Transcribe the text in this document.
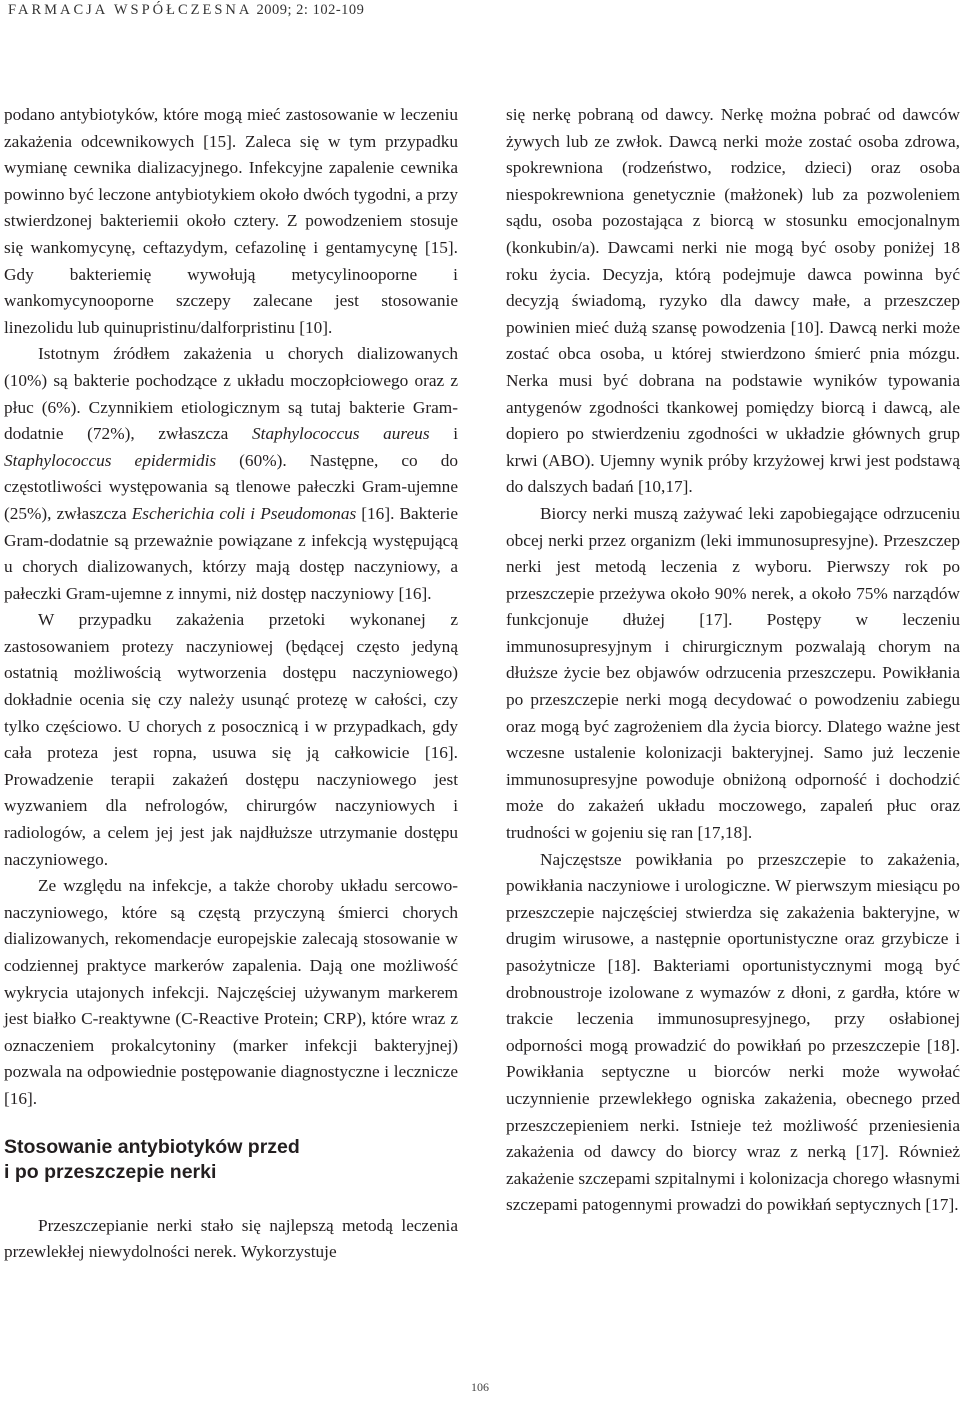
FARMACJA WSPÓŁCZESNA 2009; 2: 102-109

podano antybiotyków, które mogą mieć zastosowanie w leczeniu zakażenia odcewnikowych [15]. Zaleca się w tym przypadku wymianę cewnika dializacyjnego. Infekcyjne zapalenie cewnika powinno być leczone antybiotykiem około dwóch tygodni, a przy stwierdzonej bakteriemii około cztery. Z powodzeniem stosuje się wankomycynę, ceftazydym, cefazolinę i gentamycynę [15]. Gdy bakteriemię wywołują metycylinooporne i wankomycynooporne szczepy zalecane jest stosowanie linezolidu lub quinupristinu/dalforpristinu [10].

Istotnym źródłem zakażenia u chorych dializowanych (10%) są bakterie pochodzące z układu moczopłciowego oraz z płuc (6%). Czynnikiem etiologicznym są tutaj bakterie Gram-dodatnie (72%), zwłaszcza Staphylococcus aureus i Staphylococcus epidermidis (60%). Następne, co do częstotliwości występowania są tlenowe pałeczki Gram-ujemne (25%), zwłaszcza Escherichia coli i Pseudomonas [16]. Bakterie Gram-dodatnie są przeważnie powiązane z infekcją występującą u chorych dializowanych, którzy mają dostęp naczyniowy, a pałeczki Gram-ujemne z innymi, niż dostęp naczyniowy [16].

W przypadku zakażenia przetoki wykonanej z zastosowaniem protezy naczyniowej (będącej często jedyną ostatnią możliwością wytworzenia dostępu naczyniowego) dokładnie ocenia się czy należy usunąć protezę w całości, czy tylko częściowo. U chorych z posocznicą i w przypadkach, gdy cała proteza jest ropna, usuwa się ją całkowicie [16]. Prowadzenie terapii zakażeń dostępu naczyniowego jest wyzwaniem dla nefrologów, chirurgów naczyniowych i radiologów, a celem jej jest jak najdłuższe utrzymanie dostępu naczyniowego.

Ze względu na infekcje, a także choroby układu sercowo-naczyniowego, które są częstą przyczyną śmierci chorych dializowanych, rekomendacje europejskie zalecają stosowanie w codziennej praktyce markerów zapalenia. Dają one możliwość wykrycia utajonych infekcji. Najczęściej używanym markerem jest białko C-reaktywne (C-Reactive Protein; CRP), które wraz z oznaczeniem prokalcytoniny (marker infekcji bakteryjnej) pozwala na odpowiednie postępowanie diagnostyczne i lecznicze [16].

Stosowanie antybiotyków przed
i po przeszczepie nerki

Przeszczepianie nerki stało się najlepszą metodą leczenia przewlekłej niewydolności nerek. Wykorzystuje

się nerkę pobraną od dawcy. Nerkę można pobrać od dawców żywych lub ze zwłok. Dawcą nerki może zostać osoba zdrowa, spokrewniona (rodzeństwo, rodzice, dzieci) oraz osoba niespokrewniona genetycznie (małżonek) lub za pozwoleniem sądu, osoba pozostająca z biorcą w stosunku emocjonalnym (konkubin/a). Dawcami nerki nie mogą być osoby poniżej 18 roku życia. Decyzja, którą podejmuje dawca powinna być decyzją świadomą, ryzyko dla dawcy małe, a przeszczep powinien mieć dużą szansę powodzenia [10]. Dawcą nerki może zostać obca osoba, u której stwierdzono śmierć pnia mózgu. Nerka musi być dobrana na podstawie wyników typowania antygenów zgodności tkankowej pomiędzy biorcą i dawcą, ale dopiero po stwierdzeniu zgodności w układzie głównych grup krwi (ABO). Ujemny wynik próby krzyżowej krwi jest podstawą do dalszych badań [10,17].

Biorcy nerki muszą zażywać leki zapobiegające odrzuceniu obcej nerki przez organizm (leki immunosupresyjne). Przeszczep nerki jest metodą leczenia z wyboru. Pierwszy rok po przeszczepie przeżywa około 90% nerek, a około 75% narządów funkcjonuje dłużej [17]. Postępy w leczeniu immunosupresyjnym i chirurgicznym pozwalają chorym na dłuższe życie bez objawów odrzucenia przeszczepu. Powikłania po przeszczepie nerki mogą decydować o powodzeniu zabiegu oraz mogą być zagrożeniem dla życia biorcy. Dlatego ważne jest wczesne ustalenie kolonizacji bakteryjnej. Samo już leczenie immunosupresyjne powoduje obniżoną odporność i dochodzić może do zakażeń układu moczowego, zapaleń płuc oraz trudności w gojeniu się ran [17,18].

Najczęstsze powikłania po przeszczepie to zakażenia, powikłania naczyniowe i urologiczne. W pierwszym miesiącu po przeszczepie najczęściej stwierdza się zakażenia bakteryjne, w drugim wirusowe, a następnie oportunistyczne oraz grzybicze i pasożytnicze [18]. Bakteriami oportunistycznymi mogą być drobnoustroje izolowane z wymazów z dłoni, z gardła, które w trakcie leczenia immunosupresyjnego, przy osłabionej odporności mogą prowadzić do powikłań po przeszczepie [18]. Powikłania septyczne u biorców nerki może wywołać uczynnienie przewlekłego ogniska zakażenia, obecnego przed przeszczepieniem nerki. Istnieje też możliwość przeniesienia zakażenia od dawcy do biorcy wraz z nerką [17]. Również zakażenie szczepami szpitalnymi i kolonizacja chorego własnymi szczepami patogennymi prowadzi do powikłań septycznych [17].

106
